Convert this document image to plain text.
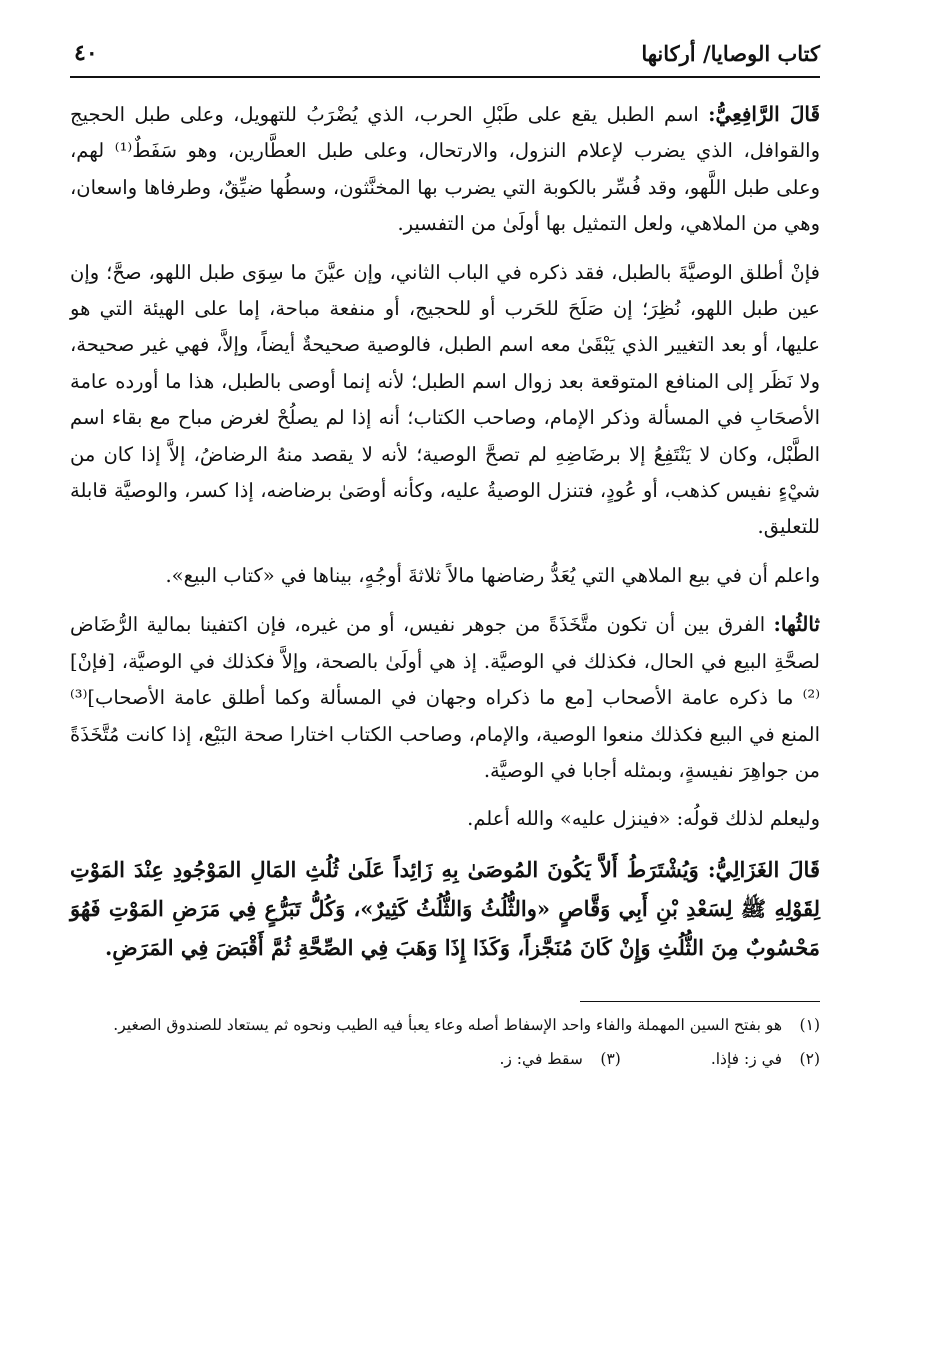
كتاب الوصايا/ أركانها
٤٠

قَالَ الرَّافِعِيُّ: اسم الطبل يقع على طَبْلِ الحرب، الذي يُضْرَبُ للتهويل، وعلى طبل الحجيج والقوافل، الذي يضرب لإعلام النزول، والارتحال، وعلى طبل العطَّارين، وهو سَفَطٌ⁽¹⁾ لهم، وعلى طبل اللَّهو، وقد فُسِّر بالكوبة التي يضرب بها المخنَّثون، وسطُها ضيِّقٌ، وطرفاها واسعان، وهي من الملاهي، ولعل التمثيل بها أولَىٰ من التفسير.

فإنْ أطلق الوصيَّةَ بالطبل، فقد ذكره في الباب الثاني، وإن عيَّنَ ما سِوَى طبل اللهو، صحَّ؛ وإن عين طبل اللهو، نُظِرَ؛ إن صَلَحَ للحَرب أو للحجيج، أو منفعة مباحة، إما على الهيئة التي هو عليها، أو بعد التغيير الذي يَبْقَىٰ معه اسم الطبل، فالوصية صحيحةٌ أيضاً، وإلاَّ، فهي غير صحيحة، ولا نَظَر إلى المنافع المتوقعة بعد زوال اسم الطبل؛ لأنه إنما أوصى بالطبل، هذا ما أورده عامة الأصحَابِ في المسألة وذكر الإمام، وصاحب الكتاب؛ أنه إذا لم يصلُحْ لغرض مباح مع بقاء اسم الطَّبْل، وكان لا يَنْتَفِعُ إلا برضَاضِهِ لم تصحَّ الوصية؛ لأنه لا يقصد منهُ الرضاضُ، إلاَّ إذا كان من شيْءٍ نفيس كذهب، أو عُودٍ، فتنزل الوصيةُ عليه، وكأنه أوصَىٰ برضاضه، إذا كسر، والوصيَّة قابلة للتعليق.

واعلم أن في بيع الملاهي التي يُعَدُّ رضاضها مالاً ثلاثةَ أوجُهٍ، بيناها في «كتاب البيع».

ثالثُها: الفرق بين أن تكون متَّخَذَةً من جوهر نفيس، أو من غيره، فإن اكتفينا بمالية الرُّضَاض لصحَّةِ البيع في الحال، فكذلك في الوصيَّة. إذ هي أولَىٰ بالصحة، وإلاَّ فكذلك في الوصيَّة، [فإنْ]⁽²⁾ ما ذكره عامة الأصحاب [مع ما ذكراه وجهان في المسألة وكما أطلق عامة الأصحاب]⁽³⁾ المنع في البيع فكذلك منعوا الوصية، والإمام، وصاحب الكتاب اختارا صحة البَيْع، إذا كانت مُتَّخَذَةً من جواهِرَ نفيسةٍ، وبمثله أجابا في الوصيَّة.

وليعلم لذلك قولُه: «فينزل عليه» والله أعلم.

قَالَ الغَزَالِيُّ: وَيُشْتَرَطُ أَلاَّ يَكُونَ المُوصَىٰ بِهِ زَائِداً عَلَىٰ ثُلُثِ المَالِ المَوْجُودِ عِنْدَ المَوْتِ لِقَوْلِهِ ﷺ لِسَعْدِ بْنِ أَبِي وَقَّاصٍ «والثُّلُثُ وَالثُّلُثُ كَثِيرٌ»، وَكُلُّ تَبَرُّعٍ فِي مَرَضِ المَوْتِ فَهُوَ مَحْسُوبٌ مِنَ الثُّلُثِ وَإِنْ كَانَ مُنَجَّزاً، وَكَذَا إِذَا وَهَبَ فِي الصِّحَّةِ ثُمَّ أَقْبَضَ فِي المَرَضِ.

(١)
هو بفتح السين المهملة والفاء واحد الإسفاط أصله وعاء يعبأ فيه الطيب ونحوه ثم يستعاد للصندوق الصغير.
(٢)
في ز: فإذا.
(٣)
سقط في: ز.
